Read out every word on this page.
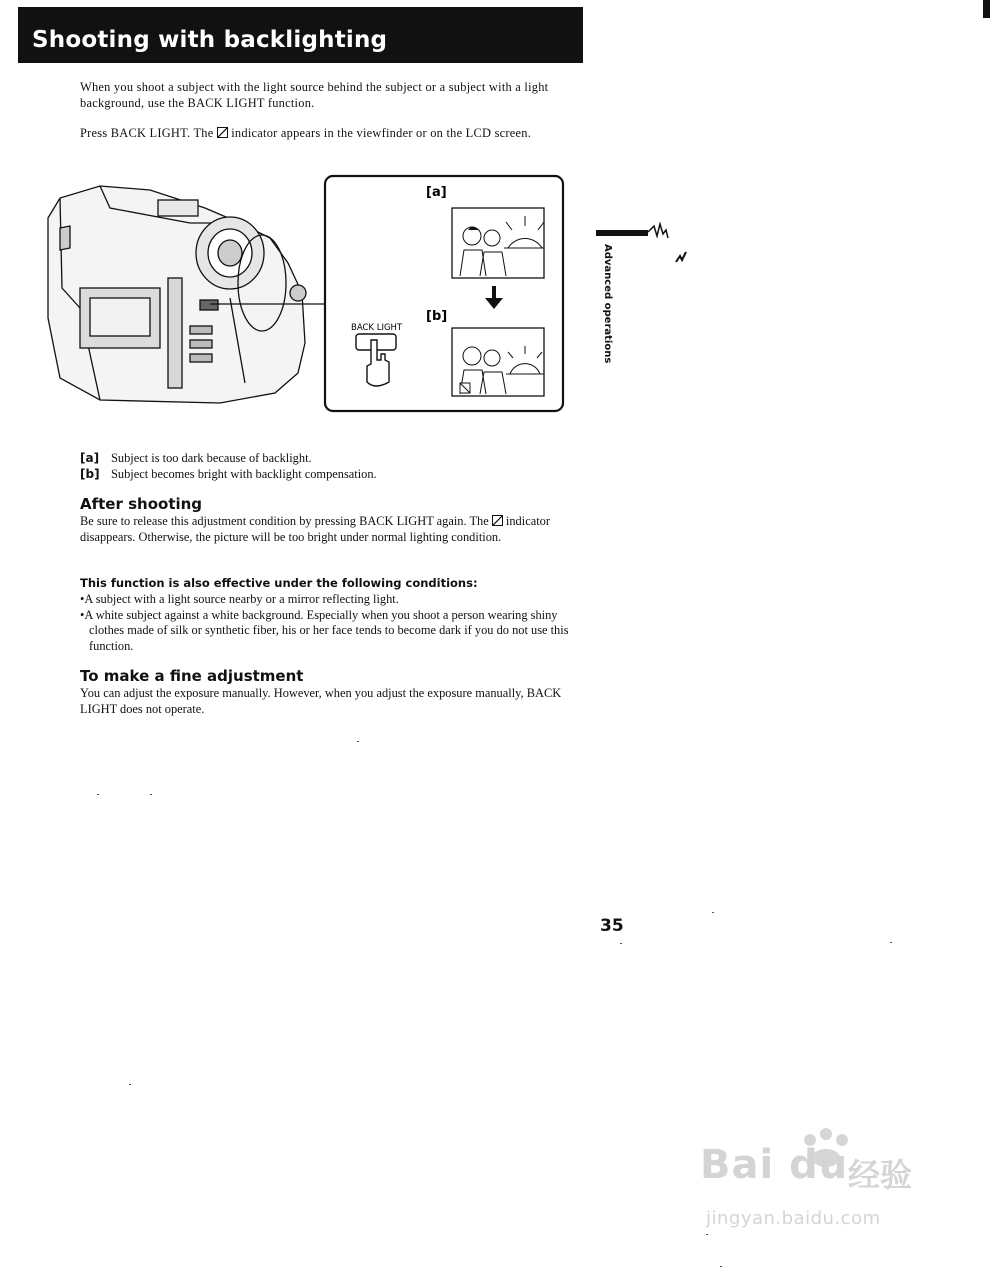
Shooting with backlighting
Advanced operations
When you shoot a subject with the light source behind the subject or a subject with a light background, use the BACK LIGHT function.
Press BACK LIGHT. The indicator appears in the viewfinder or on the LCD screen.
[a]
[b]
BACK LIGHT
[a] Subject is too dark because of backlight.
[b] Subject becomes bright with backlight compensation.
After shooting
Be sure to release this adjustment condition by pressing BACK LIGHT again. The indicator disappears. Otherwise, the picture will be too bright under normal lighting condition.
This function is also effective under the following conditions:
•A subject with a light source nearby or a mirror reflecting light.
•A white subject against a white background. Especially when you shoot a person wearing shiny clothes made of silk or synthetic fiber, his or her face tends to become dark if you do not use this function.
To make a fine adjustment
You can adjust the exposure manually. However, when you adjust the exposure manually, BACK LIGHT does not operate.
35
Bai du 经验
jingyan.baidu.com
